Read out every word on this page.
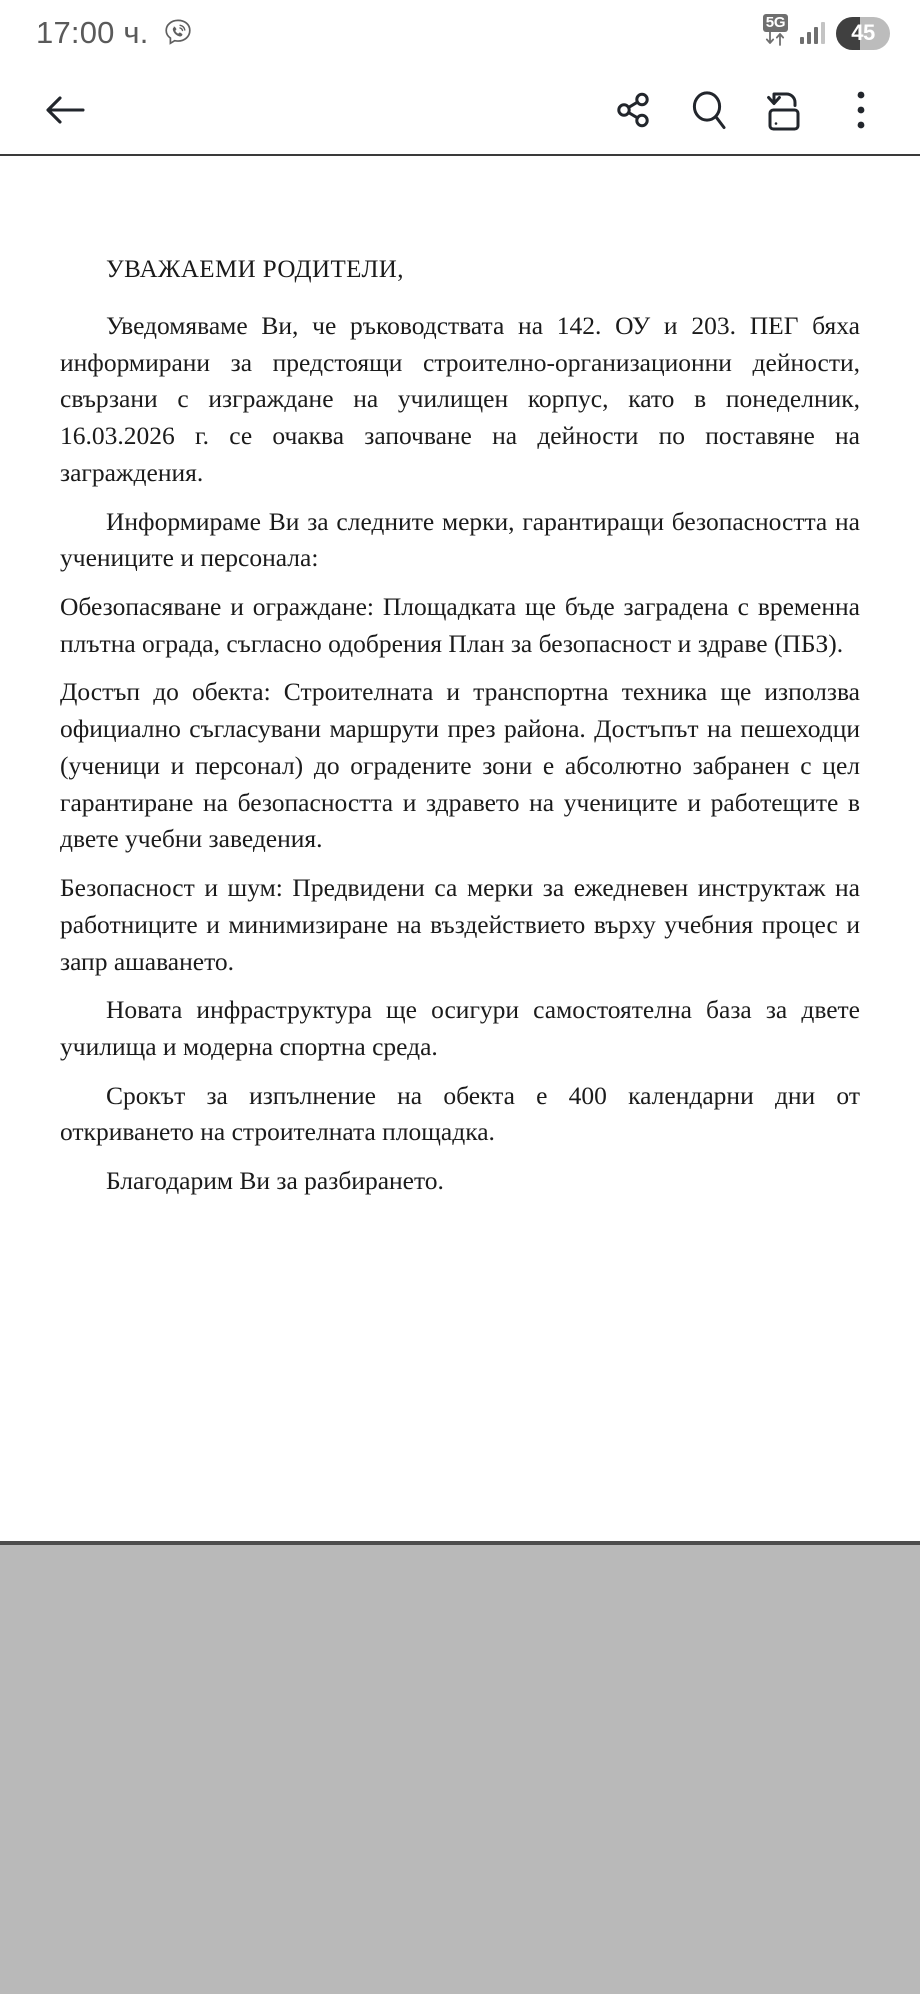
17:00 ч.	5G	45

УВАЖАЕМИ РОДИТЕЛИ,

Уведомяваме Ви, че ръководствата на 142. ОУ и 203. ПЕГ бяха информирани за предстоящи строително-организационни дейности, свързани с изграждане на училищен корпус, като в понеделник, 16.03.2026 г. се очаква започване на дейности по поставяне на заграждения.

Информираме Ви за следните мерки, гарантиращи безопасността на учениците и персонала:

Обезопасяване и ограждане: Площадката ще бъде заградена с временна плътна ограда, съгласно одобрения План за безопасност и здраве (ПБЗ).

Достъп до обекта: Строителната и транспортна техника ще използва официално съгласувани маршрути през района. Достъпът на пешеходци (ученици и персонал) до оградените зони е абсолютно забранен с цел гарантиране на безопасността и здравето на учениците и работещите в двете учебни заведения.

Безопасност и шум: Предвидени са мерки за ежедневен инструктаж на работниците и минимизиране на въздействието върху учебния процес и запр ашаването.

Новата инфраструктура ще осигури самостоятелна база за двете училища и модерна спортна среда.

Срокът за изпълнение на обекта е 400 календарни дни от откриването на строителната площадка.

Благодарим Ви за разбирането.
